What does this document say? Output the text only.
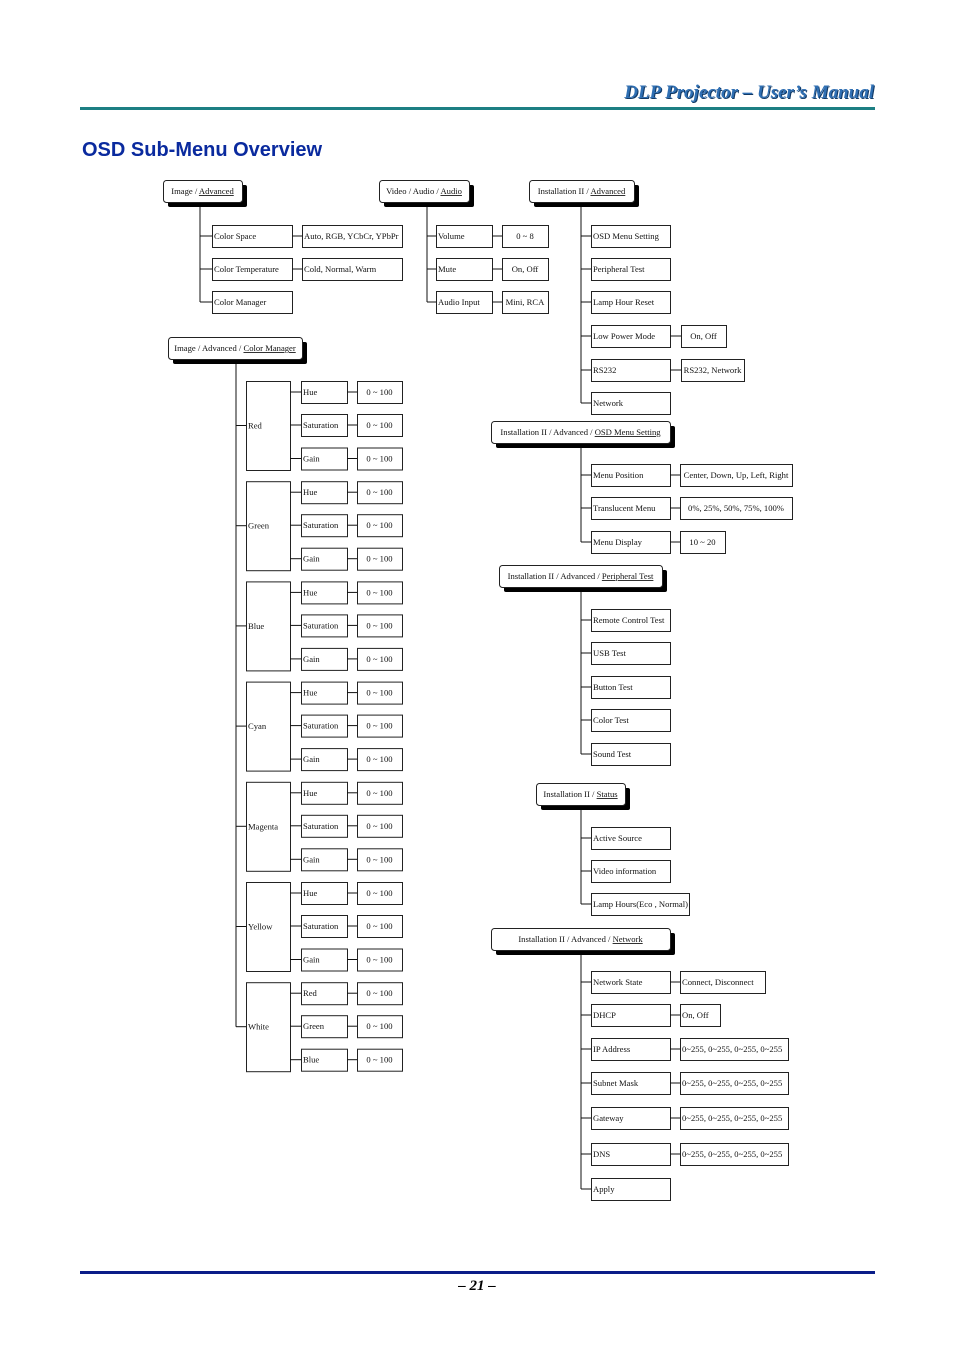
DLP Projector – User’s Manual
OSD Sub-Menu Overview
Image / Advanced
Color Space	Auto, RGB, YCbCr, YPbPr
Color Temperature	Cold, Normal, Warm
Color Manager
Video / Audio / Audio
Volume	0 ~ 8
Mute	On, Off
Audio Input	Mini, RCA
Installation II / Advanced
OSD Menu Setting
Peripheral Test
Lamp Hour Reset
Low Power Mode	On, Off
RS232	RS232, Network
Network
Image / Advanced / Color Manager
Red
Hue	0 ~ 100
Saturation	0 ~ 100
Gain	0 ~ 100
Green
Hue	0 ~ 100
Saturation	0 ~ 100
Gain	0 ~ 100
Blue
Hue	0 ~ 100
Saturation	0 ~ 100
Gain	0 ~ 100
Cyan
Hue	0 ~ 100
Saturation	0 ~ 100
Gain	0 ~ 100
Magenta
Hue	0 ~ 100
Saturation	0 ~ 100
Gain	0 ~ 100
Yellow
Hue	0 ~ 100
Saturation	0 ~ 100
Gain	0 ~ 100
White
Red	0 ~ 100
Green	0 ~ 100
Blue	0 ~ 100
Installation II / Advanced / OSD Menu Setting
Menu Position	Center, Down, Up, Left, Right
Translucent Menu	0%, 25%, 50%, 75%, 100%
Menu Display	10 ~ 20
Installation II / Advanced / Peripheral Test
Remote Control Test
USB Test
Button Test
Color Test
Sound Test
Installation II / Status
Active Source
Video information
Lamp Hours(Eco , Normal)
Installation II / Advanced / Network
Network State	Connect, Disconnect
DHCP	On, Off
IP Address	0~255, 0~255, 0~255, 0~255
Subnet Mask	0~255, 0~255, 0~255, 0~255
Gateway	0~255, 0~255, 0~255, 0~255
DNS	0~255, 0~255, 0~255, 0~255
Apply
– 21 –
